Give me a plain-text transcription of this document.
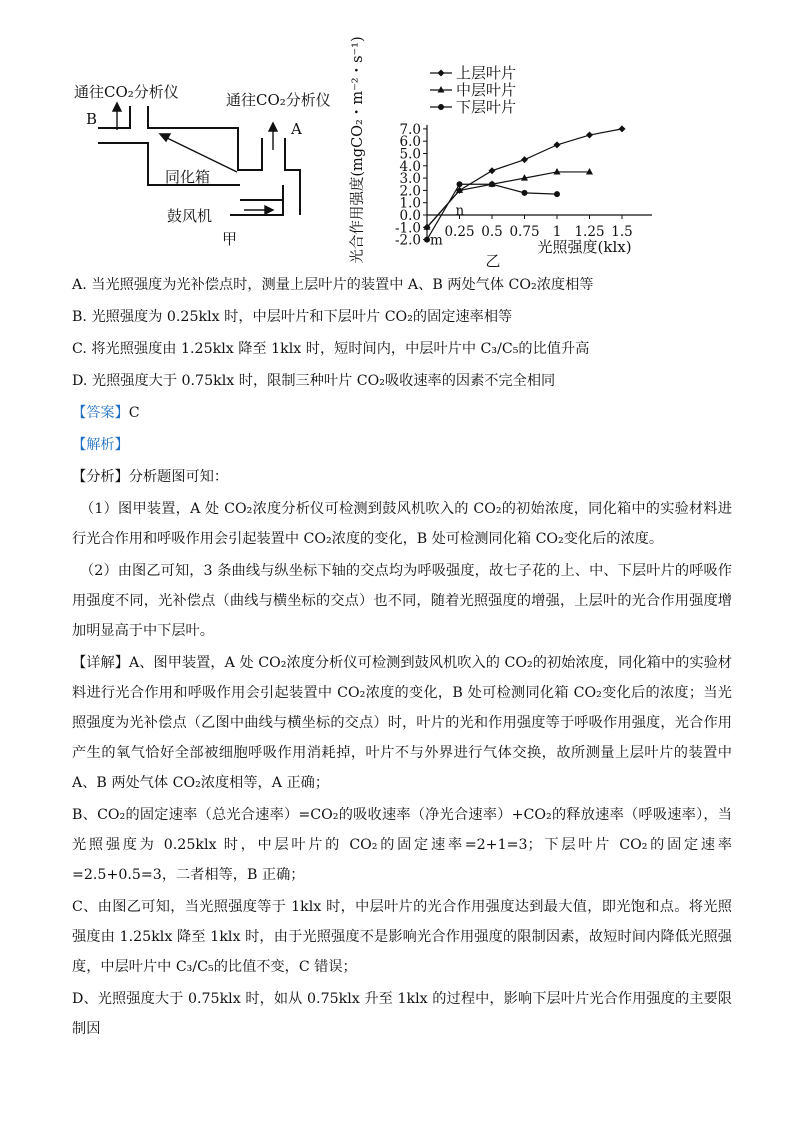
通往CO₂分析仪	通往CO₂分析仪
B
A
同化箱
鼓风机
甲
7.0
6.0
5.0
4.0
3.0
2.0
1.0
0.0
-1.0
-2.0
0.25 0.5 0.75 1 1.25 1.5
光照强度(klx)
乙
光合作用强度(mgCO₂・m⁻²・s⁻¹)	m
n
上层叶片
中层叶片
下层叶片

A. 当光照强度为光补偿点时，测量上层叶片的装置中 A、B 两处气体 CO₂浓度相等

B. 光照强度为 0.25klx 时，中层叶片和下层叶片 CO₂的固定速率相等

C. 将光照强度由 1.25klx 降至 1klx 时，短时间内，中层叶片中 C₃/C₅的比值升高

D. 光照强度大于 0.75klx 时，限制三种叶片 CO₂吸收速率的因素不完全相同

【答案】C

【解析】

【分析】分析题图可知：

（1）图甲装置，A 处 CO₂浓度分析仪可检测到鼓风机吹入的 CO₂的初始浓度，同化箱中的实验材料进行光合作用和呼吸作用会引起装置中 CO₂浓度的变化，B 处可检测同化箱 CO₂变化后的浓度。

（2）由图乙可知，3 条曲线与纵坐标下轴的交点均为呼吸强度，故七子花的上、中、下层叶片的呼吸作用强度不同，光补偿点（曲线与横坐标的交点）也不同，随着光照强度的增强，上层叶的光合作用强度增加明显高于中下层叶。

【详解】A、图甲装置，A 处 CO₂浓度分析仪可检测到鼓风机吹入的 CO₂的初始浓度，同化箱中的实验材料进行光合作用和呼吸作用会引起装置中 CO₂浓度的变化，B 处可检测同化箱 CO₂变化后的浓度；当光照强度为光补偿点（乙图中曲线与横坐标的交点）时，叶片的光和作用强度等于呼吸作用强度，光合作用产生的氧气恰好全部被细胞呼吸作用消耗掉，叶片不与外界进行气体交换，故所测量上层叶片的装置中 A、B 两处气体 CO₂浓度相等，A 正确；

B、CO₂的固定速率（总光合速率）=CO₂的吸收速率（净光合速率）+CO₂的释放速率（呼吸速率），当光照强度为 0.25klx 时，中层叶片的 CO₂的固定速率=2+1=3；下层叶片 CO₂的固定速率=2.5+0.5=3，二者相等，B 正确；

C、由图乙可知，当光照强度等于 1klx 时，中层叶片的光合作用强度达到最大值，即光饱和点。将光照强度由 1.25klx 降至 1klx 时，由于光照强度不是影响光合作用强度的限制因素，故短时间内降低光照强度，中层叶片中 C₃/C₅的比值不变，C 错误；

D、光照强度大于 0.75klx 时，如从 0.75klx 升至 1klx 的过程中，影响下层叶片光合作用强度的主要限制因
